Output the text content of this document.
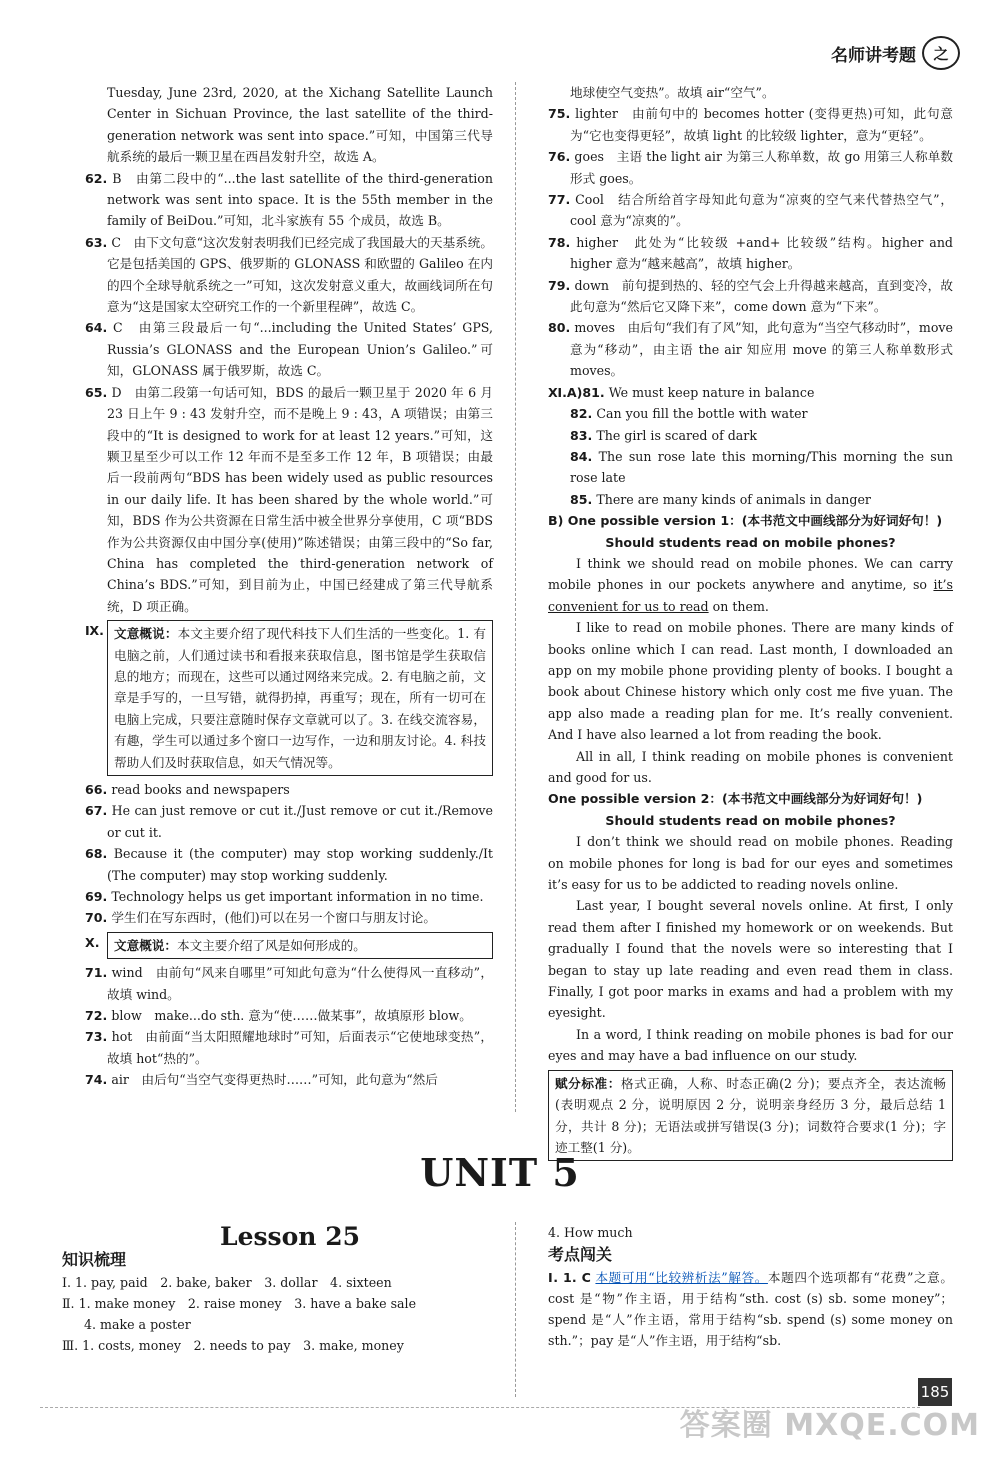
名师讲考题	之
Tuesday, June 23rd, 2020, at the Xichang Satellite Launch Center in Sichuan Province, the last satellite of the third-generation network was sent into space.”可知，中国第三代导航系统的最后一颗卫星在西昌发射升空，故选 A。
62. B　由第二段中的“...the last satellite of the third-generation network was sent into space. It is the 55th member in the family of BeiDou.”可知，北斗家族有 55 个成员，故选 B。
63. C　由下文句意“这次发射表明我们已经完成了我国最大的天基系统。它是包括美国的 GPS、俄罗斯的 GLONASS 和欧盟的 Galileo 在内的四个全球导航系统之一”可知，这次发射意义重大，故画线词所在句意为“这是国家太空研究工作的一个新里程碑”，故选 C。
64. C　由第三段最后一句“...including the United States’ GPS, Russia’s GLONASS and the European Union’s Galileo.”可知，GLONASS 属于俄罗斯，故选 C。
65. D　由第二段第一句话可知，BDS 的最后一颗卫星于 2020 年 6 月 23 日上午 9 : 43 发射升空，而不是晚上 9 : 43，A 项错误；由第三段中的“It is designed to work for at least 12 years.”可知，这颗卫星至少可以工作 12 年而不是至多工作 12 年，B 项错误；由最后一段前两句“BDS has been widely used as public resources in our daily life. It has been shared by the whole world.”可知，BDS 作为公共资源在日常生活中被全世界分享使用，C 项“BDS 作为公共资源仅由中国分享(使用)”陈述错误；由第三段中的“So far, China has completed the third-generation network of China’s BDS.”可知，到目前为止，中国已经建成了第三代导航系统，D 项正确。
Ⅸ. 文意概说：本文主要介绍了现代科技下人们生活的一些变化。1. 有电脑之前，人们通过读书和看报来获取信息，图书馆是学生获取信息的地方；而现在，这些可以通过网络来完成。2. 有电脑之前，文章是手写的，一旦写错，就得扔掉，再重写；现在，所有一切可在电脑上完成，只要注意随时保存文章就可以了。3. 在线交流容易，有趣，学生可以通过多个窗口一边写作，一边和朋友讨论。4. 科技帮助人们及时获取信息，如天气情况等。
66. read books and newspapers
67. He can just remove or cut it./Just remove or cut it./Remove or cut it.
68. Because it (the computer) may stop working suddenly./It (The computer) may stop working suddenly.
69. Technology helps us get important information in no time.
70. 学生们在写东西时，(他们)可以在另一个窗口与朋友讨论。
Ⅹ.	文意概说：本文主要介绍了风是如何形成的。
71. wind　由前句“风来自哪里”可知此句意为“什么使得风一直移动”，故填 wind。
72. blow　make...do sth. 意为“使……做某事”，故填原形 blow。
73. hot　由前面“当太阳照耀地球时”可知，后面表示“它使地球变热”，故填 hot“热的”。
74. air　由后句“当空气变得更热时……”可知，此句意为“然后
地球使空气变热”。故填 air“空气”。
75. lighter　由前句中的 becomes hotter (变得更热)可知，此句意为“它也变得更轻”，故填 light 的比较级 lighter，意为“更轻”。
76. goes　主语 the light air 为第三人称单数，故 go 用第三人称单数形式 goes。
77. Cool　结合所给首字母知此句意为“凉爽的空气来代替热空气”，cool 意为“凉爽的”。
78. higher　此处为“比较级 +and+ 比较级”结构。higher and higher 意为“越来越高”，故填 higher。
79. down　前句提到热的、轻的空气会上升得越来越高，直到变冷，故此句意为“然后它又降下来”，come down 意为“下来”。
80. moves　由后句“我们有了风”知，此句意为“当空气移动时”，move 意为“移动”，由主语 the air 知应用 move 的第三人称单数形式 moves。
Ⅺ.A)81. We must keep nature in balance
82. Can you fill the bottle with water
83. The girl is scared of dark
84. The sun rose late this morning/This morning the sun rose late
85. There are many kinds of animals in danger
B) One possible version 1：(本书范文中画线部分为好词好句！)
Should students read on mobile phones?
I think we should read on mobile phones. We can carry mobile phones in our pockets anywhere and anytime, so it’s convenient for us to read on them.
I like to read on mobile phones. There are many kinds of books online which I can read. Last month, I downloaded an app on my mobile phone providing plenty of books. I bought a book about Chinese history which only cost me five yuan. The app also made a reading plan for me. It’s really convenient. And I have also learned a lot from reading the book.
All in all, I think reading on mobile phones is convenient and good for us.
One possible version 2：(本书范文中画线部分为好词好句！)
Should students read on mobile phones?
I don’t think we should read on mobile phones. Reading on mobile phones for long is bad for our eyes and sometimes it’s easy for us to be addicted to reading novels online.
Last year, I bought several novels online. At first, I only read them after I finished my homework or on weekends. But gradually I found that the novels were so interesting that I began to stay up late reading and even read them in class. Finally, I got poor marks in exams and had a problem with my eyesight.
In a word, I think reading on mobile phones is bad for our eyes and may have a bad influence on our study.
赋分标准：格式正确，人称、时态正确(2 分)；要点齐全，表达流畅(表明观点 2 分，说明原因 2 分，说明亲身经历 3 分，最后总结 1 分，共计 8 分)；无语法或拼写错误(3 分)；词数符合要求(1 分)；字迹工整(1 分)。
UNIT 5
Lesson 25
知识梳理
Ⅰ. 1. pay, paid　2. bake, baker　3. dollar　4. sixteen
Ⅱ. 1. make money　2. raise money　3. have a bake sale
4. make a poster
Ⅲ. 1. costs, money　2. needs to pay　3. make, money
4. How much
考点闯关
Ⅰ. 1. C 本题可用“比较辨析法”解答。本题四个选项都有“花费”之意。cost 是“物”作主语，用于结构“sth. cost (s) sb. some money”；spend 是“人”作主语，常用于结构“sb. spend (s) some money on sth.”；pay 是“人”作主语，用于结构“sb.
185
答案圈 MXQE.COM
